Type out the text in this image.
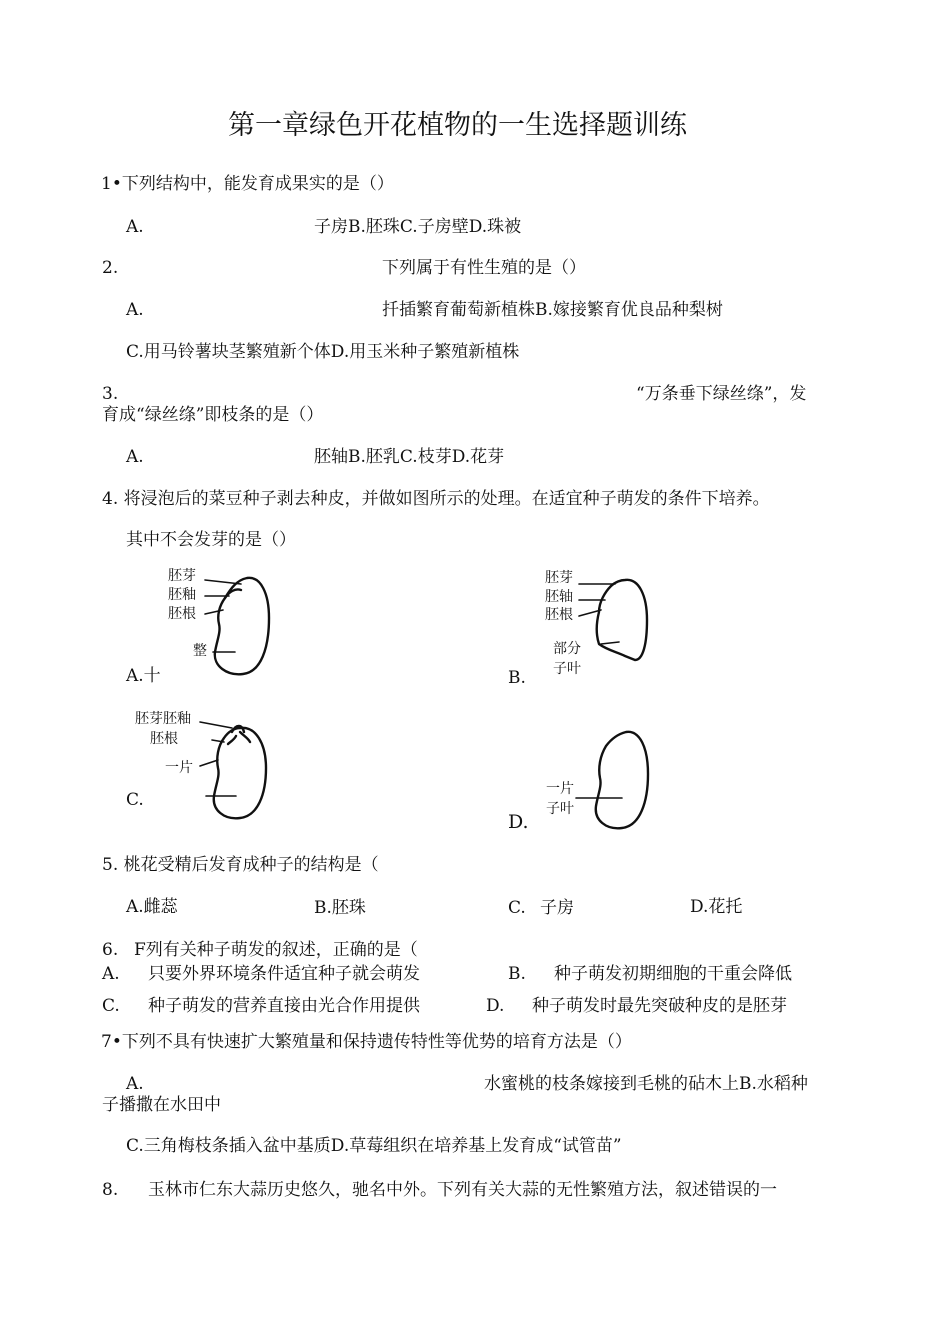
第一章绿色开花植物的一生选择题训练
1•下列结构中，能发育成果实的是（）
A.	子房B.胚珠C.子房壁D.珠被
2.	下列属于有性生殖的是（）
A.	扦插繁育葡萄新植株B.嫁接繁育优良品种梨树
C.用马铃薯块茎繁殖新个体D.用玉米种子繁殖新植株
3.	“万条垂下绿丝绦”，发
育成“绿丝绦”即枝条的是（）
A.	胚轴B.胚乳C.枝芽D.花芽
4. 将浸泡后的菜豆种子剥去种皮，并做如图所示的处理。在适宜种子萌发的条件下培养。
其中不会发芽的是（）
胚芽
胚釉
胚根
整
A.十
胚芽
胚轴
胚根
部分
子叶
B.
胚芽胚釉
胚根
一片
C.
一片
子叶
D.
5. 桃花受精后发育成种子的结构是（
A.雌蕊	B.胚珠	C. 子房	D.花托
6. F列有关种子萌发的叙述，正确的是（
A. 只要外界环境条件适宜种子就会萌发	B. 种子萌发初期细胞的干重会降低
C. 种子萌发的营养直接由光合作用提供	D. 种子萌发时最先突破种皮的是胚芽
7•下列不具有快速扩大繁殖量和保持遗传特性等优势的培育方法是（）
A.	水蜜桃的枝条嫁接到毛桃的砧木上B.水稻种
子播撒在水田中
C.三角梅枝条插入盆中基质D.草莓组织在培养基上发育成“试管苗”
8. 玉林市仁东大蒜历史悠久，驰名中外。下列有关大蒜的无性繁殖方法，叙述错误的一
